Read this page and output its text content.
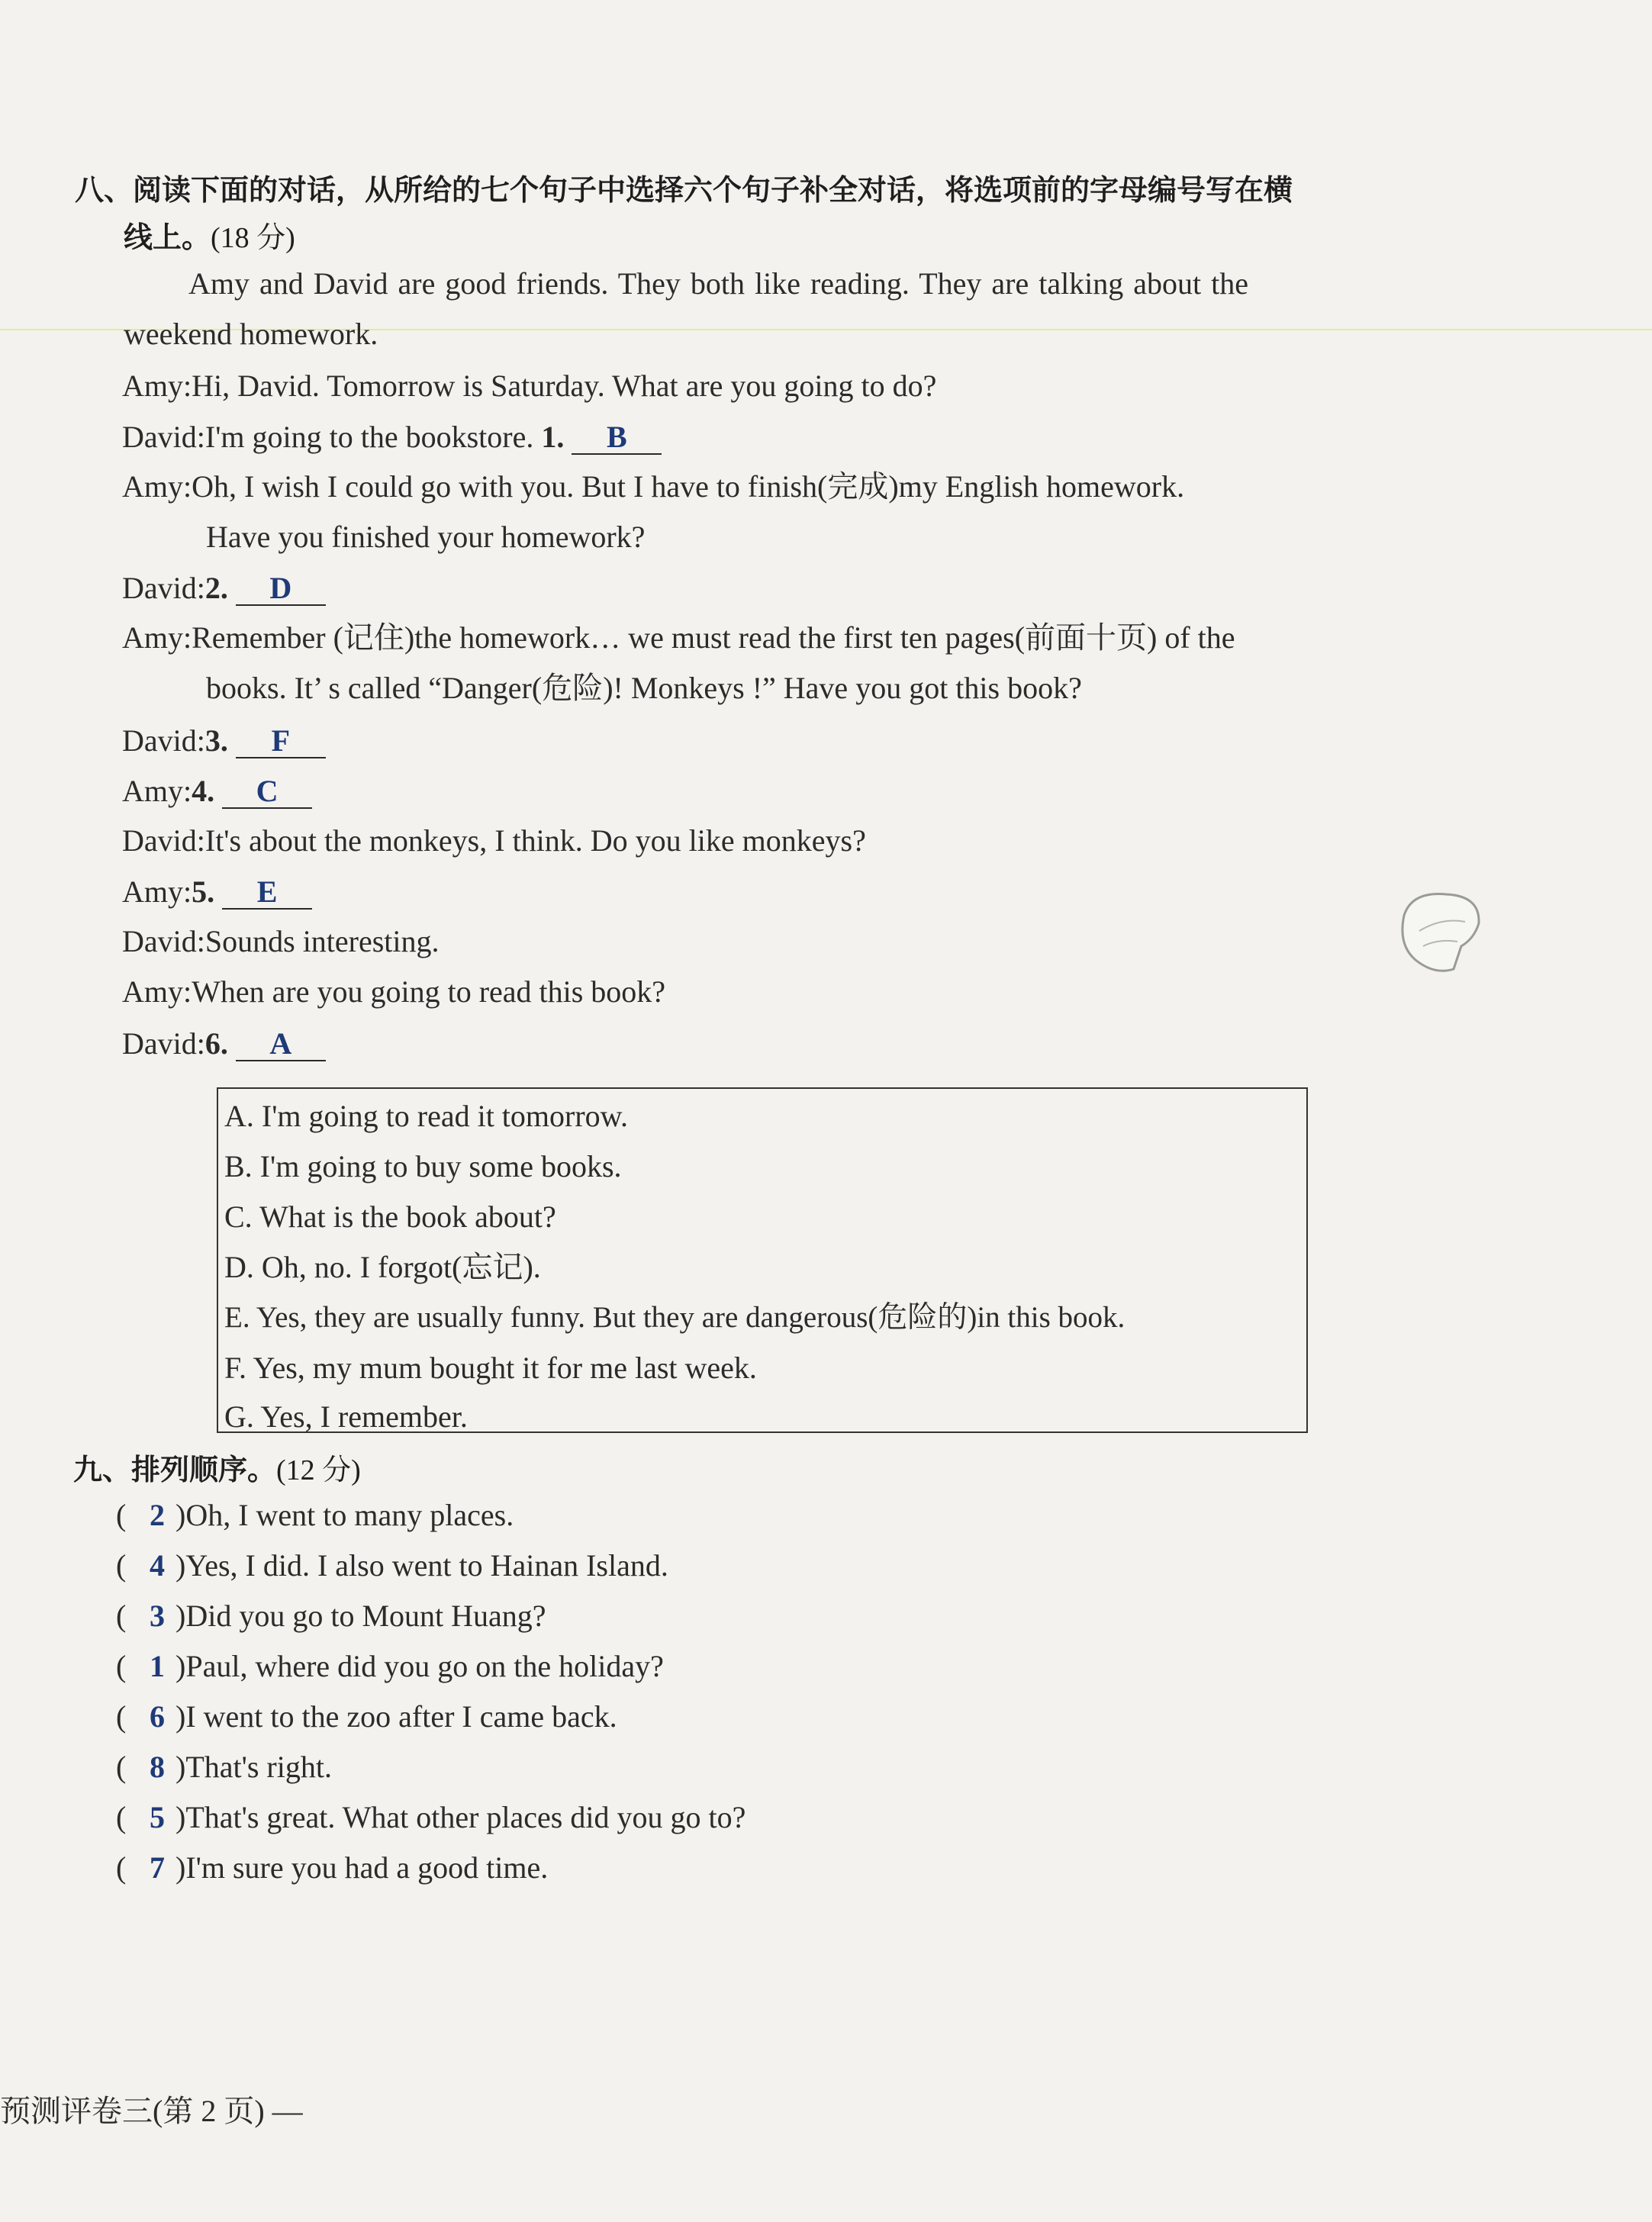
八、阅读下面的对话，从所给的七个句子中选择六个句子补全对话，将选项前的字母编号写在横
线上。(18 分)
Amy and David are good friends. They both like reading. They are talking about the
weekend homework.
Amy:Hi, David. Tomorrow is Saturday. What are you going to do?
David:I'm going to the bookstore. 1. B
Amy:Oh, I wish I could go with you. But I have to finish(完成)my English homework.
Have you finished your homework?
David:2. D
Amy:Remember (记住)the homework… we must read the first ten pages(前面十页) of the
books. It’ s called “Danger(危险)! Monkeys !” Have you got this book?
David:3. F
Amy:4. C
David:It's about the monkeys, I think. Do you like monkeys?
Amy:5. E
David:Sounds interesting.
Amy:When are you going to read this book?
David:6. A
A. I'm going to read it tomorrow.
B. I'm going to buy some books.
C. What is the book about?
D. Oh, no. I forgot(忘记).
E. Yes, they are usually funny. But they are dangerous(危险的)in this book.
F. Yes, my mum bought it for me last week.
G. Yes, I remember.
九、排列顺序。(12 分)
( 2 )Oh, I went to many places.
( 4 )Yes, I did. I also went to Hainan Island.
( 3 )Did you go to Mount Huang?
( 1 )Paul, where did you go on the holiday?
( 6 )I went to the zoo after I came back.
( 8 )That's right.
( 5 )That's great. What other places did you go to?
( 7 )I'm sure you had a good time.
预测评卷三(第 2 页) —
